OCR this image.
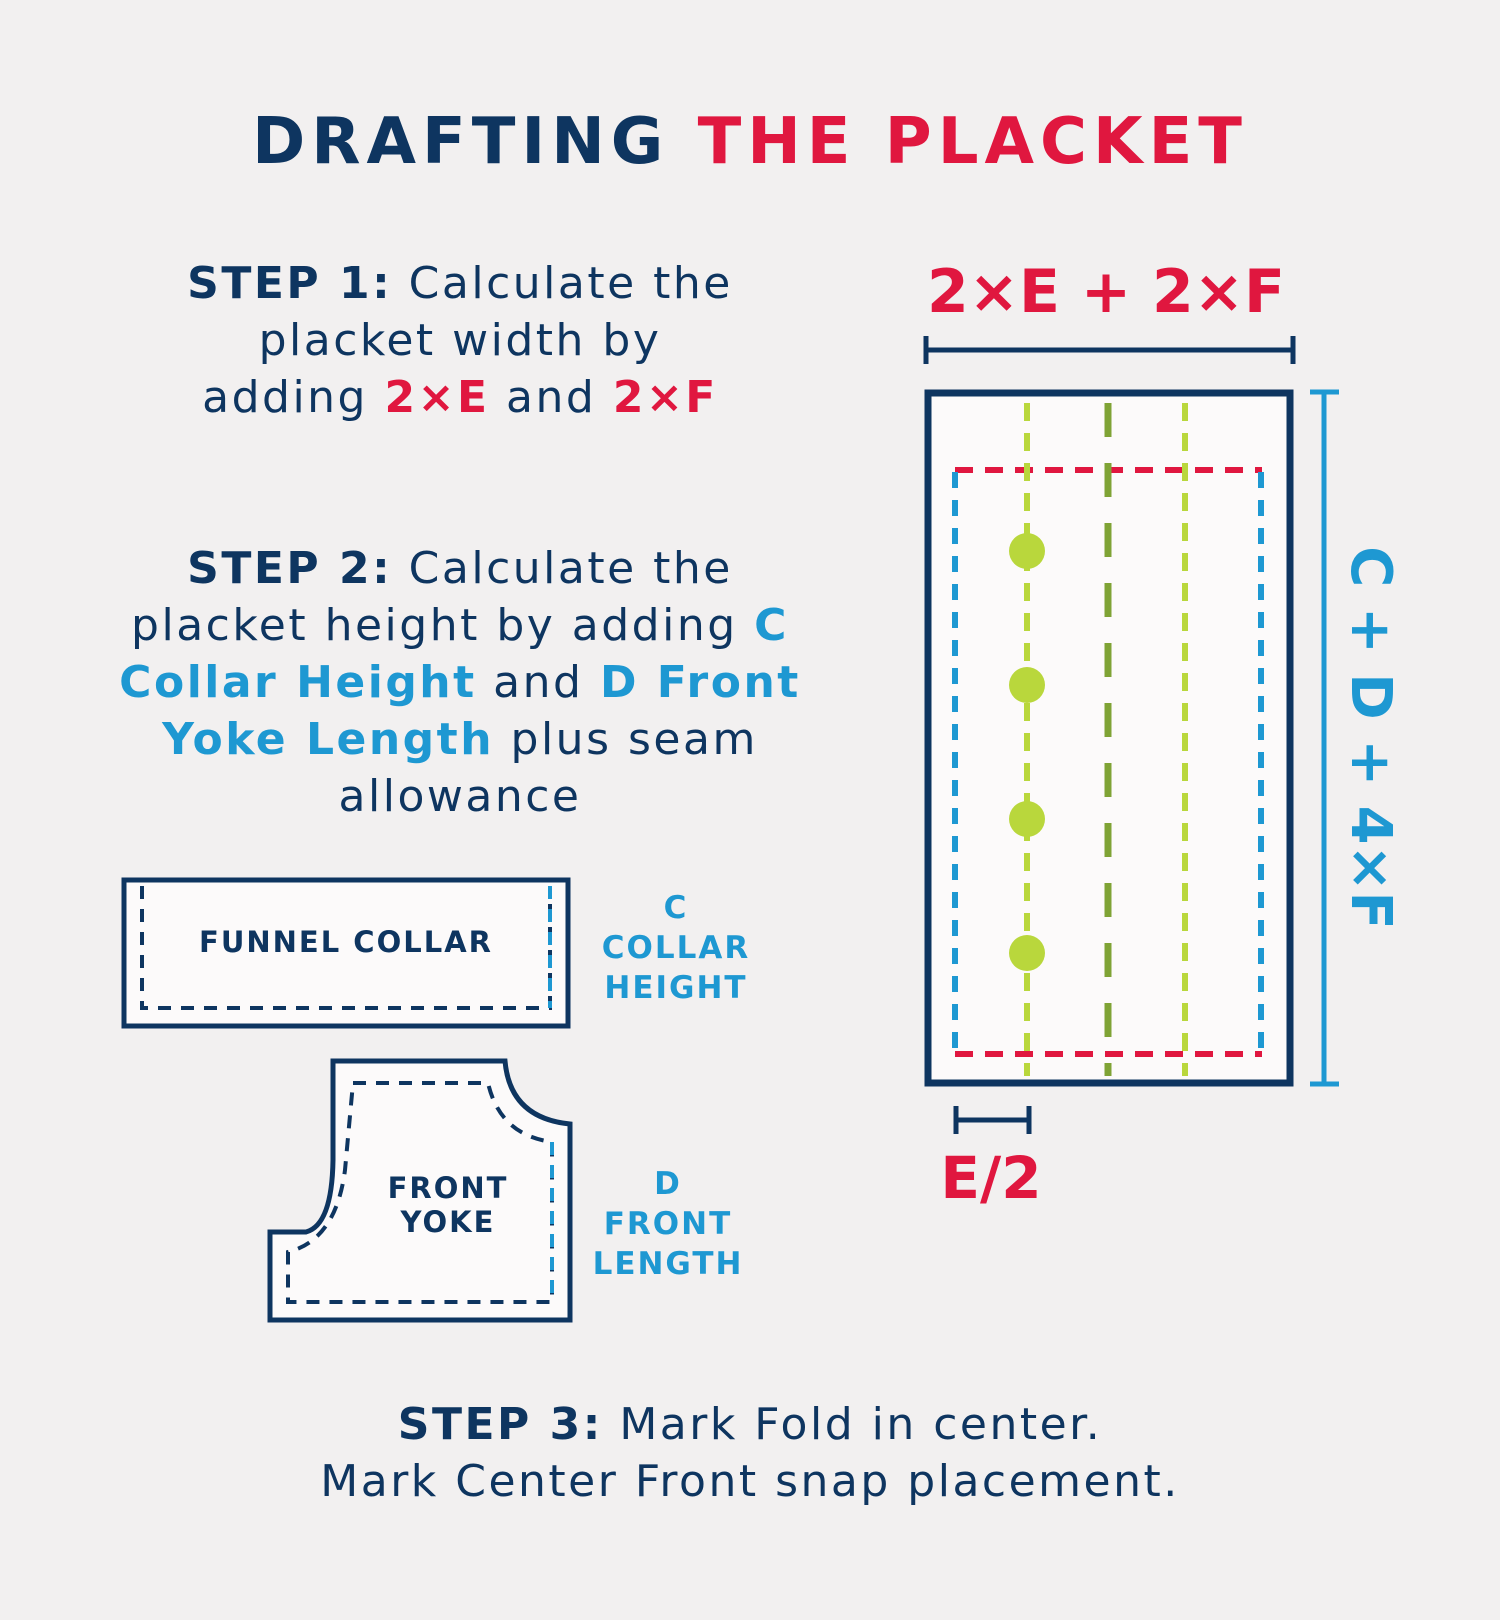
DRAFTING THE PLACKET
STEP 1: Calculate the
placket width by
adding 2×E and 2×F
STEP 2: Calculate the
placket height by adding C
Collar Height and D Front
Yoke Length plus seam
allowance
STEP 3: Mark Fold in center.
Mark Center Front snap placement.
FUNNEL COLLAR
C
COLLAR
HEIGHT
FRONT
YOKE
D
FRONT
LENGTH
2×E + 2×F
C + D + 4×F
E/2
